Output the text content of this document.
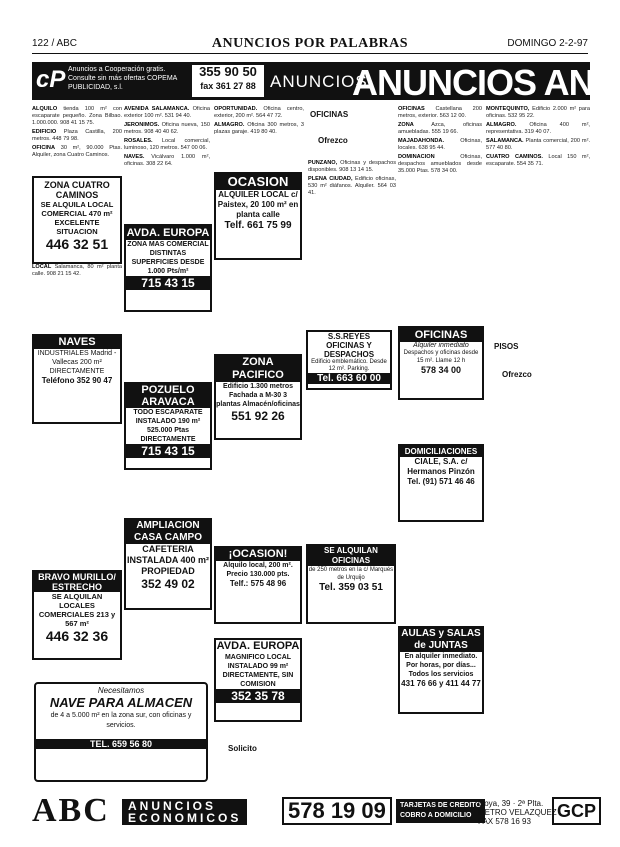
122 / ABC	ANUNCIOS POR PALABRAS	DOMINGO 2-2-97
cP Anuncios a Cooperación gratis. Consulte sin más ofertas COPEMA PUBLICIDAD, s.l.
355 90 50
fax 361 27 88 ANUNCIOS
ANUNCIOS ANU

ALQUILO tienda 100 m² con escaparate pequeño. Zona Bilbao. 1.000.000. 908 41 15 75.

EDIFICIO Plaza Castilla, 200 metros. 448 79 98.

OFICINA 30 m², 90.000 Ptas. Alquiler, zona Cuatro Caminos.

ZONA CUATRO CAMINOS
SE ALQUILA LOCAL COMERCIAL 470 m² EXCELENTE SITUACION
446 32 51

LOCAL Salamanca, 80 m² planta calle. 908 21 15 42.

NAVES
INDUSTRIALES Madrid - Vallecas 200 m² DIRECTAMENTE
Teléfono 352 90 47
BRAVO MURILLO/ ESTRECHO
SE ALQUILAN LOCALES COMERCIALES 213 y 567 m²
446 32 36

AVENIDA SALAMANCA. Oficina exterior 100 m². 531 94 40.

JERONIMOS. Oficina nueva, 150 metros. 908 40 40 62.

ROSALES. Local comercial, luminoso, 120 metros. 547 00 06.

NAVES. Vicálvaro 1.000 m², oficinas. 308 22 64.

AVDA. EUROPA
ZONA MAS COMERCIAL DISTINTAS SUPERFICIES DESDE 1.000 Pts/m²
715 43 15
POZUELO ARAVACA
TODO ESCAPARATE INSTALADO 190 m² 525.000 Ptas DIRECTAMENTE
715 43 15
AMPLIACION CASA CAMPO
CAFETERIA INSTALADA 400 m² PROPIEDAD
352 49 02

OPORTUNIDAD. Oficina centro, exterior, 200 m². 564 47 72.

ALMAGRO. Oficina 300 metros, 3 plazas garaje. 419 80 40.

OCASION
ALQUILER LOCAL c/ Paistex, 20 100 m² en planta calle
Telf. 661 75 99
ZONA PACIFICO
Edificio 1.300 metros Fachada a M-30 3 plantas Almacén/oficinas
551 92 26
¡OCASION!
Alquilo local, 200 m². Precio 130.000 pts.
Telf.: 575 48 96
AVDA. EUROPA
MAGNIFICO LOCAL INSTALADO 99 m² DIRECTAMENTE, SIN COMISION
352 35 78
Solicito
OFICINAS
Ofrezco

PUNZANO, Oficinas y despachos disponibles. 908 13 14 15.

PLENA CIUDAD, Edificio oficinas, 530 m² diáfanos. Alquiler. 564 03 41.

S.S.REYES OFICINAS Y DESPACHOS
Edificio emblemático. Desde 12 m². Parking.
Tel. 663 60 00
SE ALQUILAN OFICINAS
de 250 metros en la c/ Marqués de Urquijo
Tel. 359 03 51

OFICINAS Castellana 200 metros, exterior. 563 12 00.

ZONA	Azca, oficinas amuebladas. 555 19 66.

MAJADAHONDA.	Oficinas, locales. 638 95 44.

DOMINACION	Oficinas, despachos amueblados desde 35.000 Ptas. 578 34 00.

OFICINAS
Alquiler inmediato
Despachos y oficinas desde 15 m². Llame 12 h
578 34 00
DOMICILIACIONES
CIALE, S.A. c/ Hermanos Pinzón
Tel. (91) 571 46 46
AULAS y SALAS de JUNTAS
En alquiler inmediato. Por horas, por días... Todos los servicios
431 76 66 y 411 44 77

MONTEQUINTO, Edificio 2.000 m² para oficinas. 532 95 22.

ALMAGRO. Oficina 400 m², representativa. 319 40 07.

SALAMANCA. Planta comercial, 200 m². 577 40 80.

CUATRO CAMINOS. Local 150 m², escaparate. 554 35 71.

PISOS
Ofrezco
Necesitamos
NAVE PARA ALMACEN
de 4 a 5.000 m² en la zona sur, con oficinas y servicios.
TEL. 659 56 80
ABC ANUNCIOS
ECONOMICOS 578 19 09	TARJETAS DE CREDITO
COBRO A DOMICILIO
Goya, 39 · 2ª Plta.
METRO VELAZQUEZ
FAX 578 16 93
GCP
